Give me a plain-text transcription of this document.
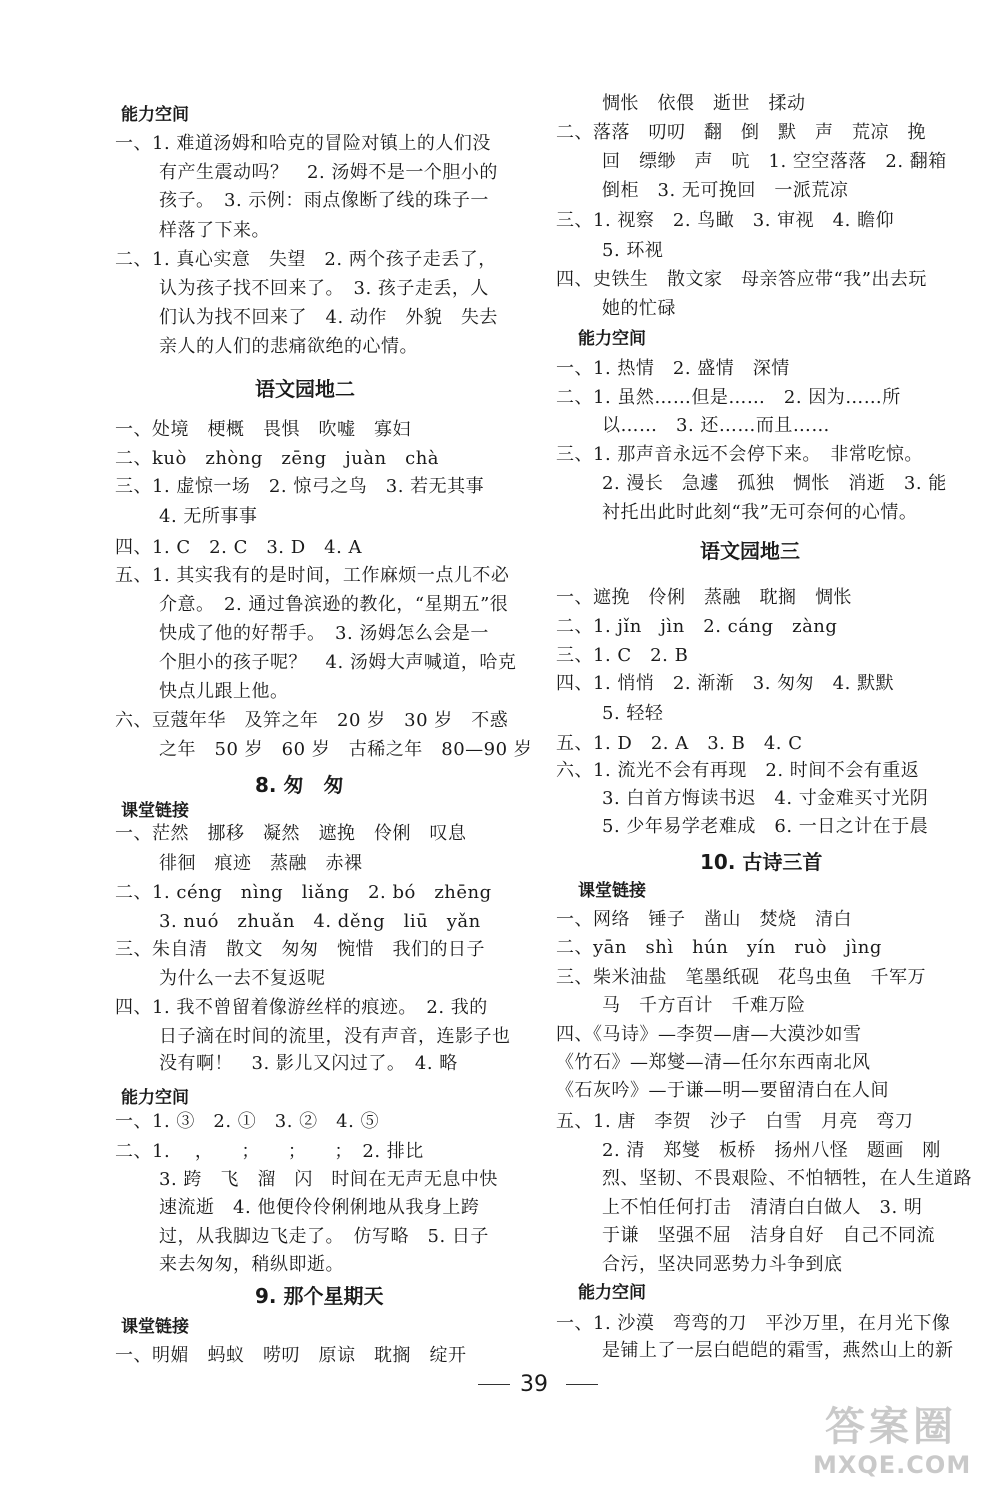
能力空间
一、1. 难道汤姆和哈克的冒险对镇上的人们没
有产生震动吗？　2. 汤姆不是一个胆小的
孩子。　3. 示例：雨点像断了线的珠子一
样落了下来。
二、1. 真心实意　失望　2. 两个孩子走丢了，
认为孩子找不回来了。　3. 孩子走丢，人
们认为找不回来了　4. 动作　外貌　失去
亲人的人们的悲痛欲绝的心情。
语文园地二
一、处境　梗概　畏惧　吹嘘　寡妇
二、kuò　zhòng　zēng　juàn　chà
三、1. 虚惊一场　2. 惊弓之鸟　3. 若无其事
4. 无所事事
四、1. C　2. C　3. D　4. A
五、1. 其实我有的是时间，工作麻烦一点儿不必
介意。　2. 通过鲁滨逊的教化，“星期五”很
快成了他的好帮手。　3. 汤姆怎么会是一
个胆小的孩子呢？　4. 汤姆大声喊道，哈克
快点儿跟上他。
六、豆蔻年华　及笄之年　20 岁　30 岁　不惑
之年　50 岁　60 岁　古稀之年　80—90 岁
8. 匆　匆
课堂链接
一、茫然　挪移　凝然　遮挽　伶俐　叹息
徘徊　痕迹　蒸融　赤裸
二、1. céng　nìng　liǎng　2. bó　zhēng
3. nuó　zhuǎn　4. děng　liū　yǎn
三、朱自清　散文　匆匆　惋惜　我们的日子
为什么一去不复返呢
四、1. 我不曾留着像游丝样的痕迹。　2. 我的
日子滴在时间的流里，没有声音，连影子也
没有啊！　3. 影儿又闪过了。　4. 略
能力空间
一、1. ③　2. ①　3. ②　4. ⑤
二、1. 　，　　；　　；　　；　2. 排比
3. 跨　飞　溜　闪　时间在无声无息中快
速流逝　4. 他便伶伶俐俐地从我身上跨
过，从我脚边飞走了。　仿写略　5. 日子
来去匆匆，稍纵即逝。
9. 那个星期天
课堂链接
一、明媚　蚂蚁　唠叨　原谅　耽搁　绽开
惆怅　依偎　逝世　揉动
二、落落　叨叨　翻　倒　默　声　荒凉　挽
回　缥缈　声　吭　1. 空空落落　2. 翻箱
倒柜　3. 无可挽回　一派荒凉
三、1. 视察　2. 鸟瞰　3. 审视　4. 瞻仰
5. 环视
四、史铁生　散文家　母亲答应带“我”出去玩
她的忙碌
能力空间
一、1. 热情　2. 盛情　深情
二、1. 虽然……但是……　2. 因为……所
以……　3. 还……而且……
三、1. 那声音永远不会停下来。　非常吃惊。
2. 漫长　急遽　孤独　惆怅　消逝　3. 能
衬托出此时此刻“我”无可奈何的心情。
语文园地三
一、遮挽　伶俐　蒸融　耽搁　惆怅
二、1. jǐn　jìn　2. cáng　zàng
三、1. C　2. B
四、1. 悄悄　2. 渐渐　3. 匆匆　4. 默默
5. 轻轻
五、1. D　2. A　3. B　4. C
六、1. 流光不会有再现　2. 时间不会有重返
3. 白首方悔读书迟　4. 寸金难买寸光阴
5. 少年易学老难成　6. 一日之计在于晨
10. 古诗三首
课堂链接
一、网络　锤子　凿山　焚烧　清白
二、yān　shì　hún　yín　ruò　jìng
三、柴米油盐　笔墨纸砚　花鸟虫鱼　千军万
马　千方百计　千难万险
四、《马诗》—李贺—唐—大漠沙如雪
《竹石》—郑燮—清—任尔东西南北风
《石灰吟》—于谦—明—要留清白在人间
五、1. 唐　李贺　沙子　白雪　月亮　弯刀
2. 清　郑燮　板桥　扬州八怪　题画　刚
烈、坚韧、不畏艰险、不怕牺牲，在人生道路
上不怕任何打击　清清白白做人　3. 明
于谦　坚强不屈　洁身自好　自己不同流
合污，坚决同恶势力斗争到底
能力空间
一、1. 沙漠　弯弯的刀　平沙万里，在月光下像
是铺上了一层白皑皑的霜雪，燕然山上的新
39
答案圈
MXQE.COM
